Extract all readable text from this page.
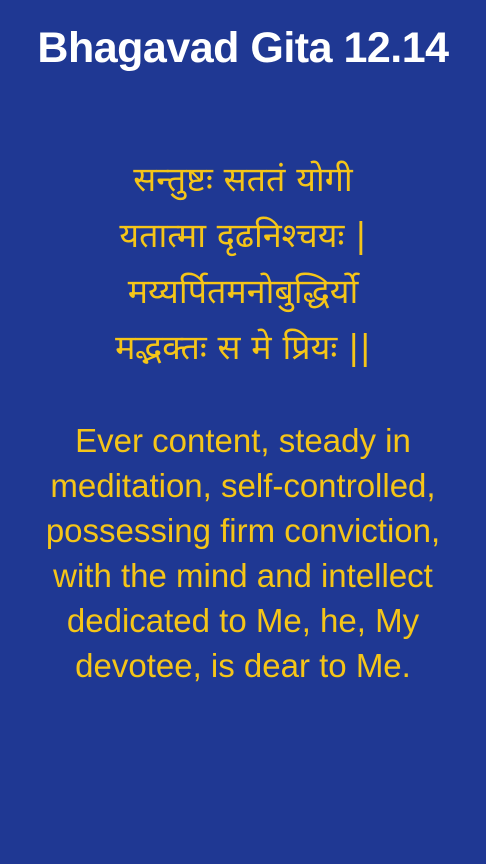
Bhagavad Gita 12.14
सन्तुष्टः सततं योगी
यतात्मा दृढनिश्चयः |
मय्यर्पितमनोबुद्धिर्यो
मद्भक्तः स मे प्रियः ||
Ever content, steady in
meditation, self-controlled,
possessing firm conviction,
with the mind and intellect
dedicated to Me, he, My
devotee, is dear to Me.
